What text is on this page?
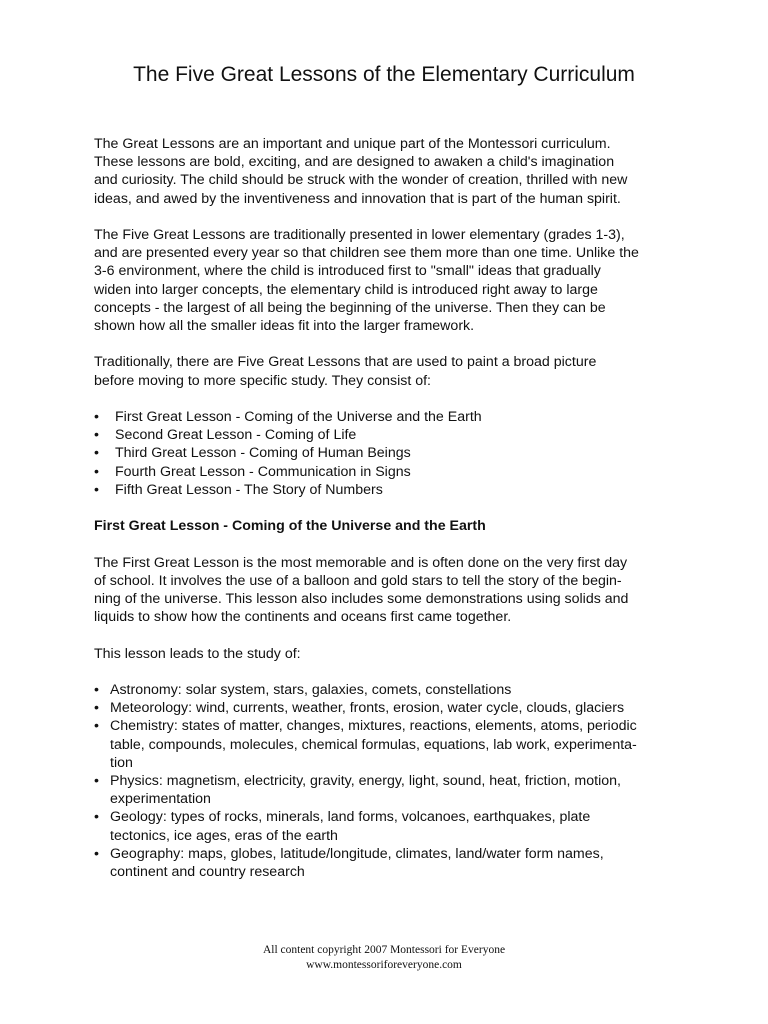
The Five Great Lessons of the Elementary Curriculum

The Great Lessons are an important and unique part of the Montessori curriculum.
These lessons are bold, exciting, and are designed to awaken a child's imagination
and curiosity. The child should be struck with the wonder of creation, thrilled with new
ideas, and awed by the inventiveness and innovation that is part of the human spirit.

The Five Great Lessons are traditionally presented in lower elementary (grades 1-3),
and are presented every year so that children see them more than one time. Unlike the
3-6 environment, where the child is introduced first to "small" ideas that gradually
widen into larger concepts, the elementary child is introduced right away to large
concepts - the largest of all being the beginning of the universe. Then they can be
shown how all the smaller ideas fit into the larger framework.

Traditionally, there are Five Great Lessons that are used to paint a broad picture
before moving to more specific study. They consist of:

• First Great Lesson - Coming of the Universe and the Earth
• Second Great Lesson - Coming of Life
• Third Great Lesson - Coming of Human Beings
• Fourth Great Lesson - Communication in Signs
• Fifth Great Lesson - The Story of Numbers

First Great Lesson - Coming of the Universe and the Earth

The First Great Lesson is the most memorable and is often done on the very first day
of school. It involves the use of a balloon and gold stars to tell the story of the begin-
ning of the universe. This lesson also includes some demonstrations using solids and
liquids to show how the continents and oceans first came together.

This lesson leads to the study of:

• Astronomy: solar system, stars, galaxies, comets, constellations
• Meteorology: wind, currents, weather, fronts, erosion, water cycle, clouds, glaciers
• Chemistry: states of matter, changes, mixtures, reactions, elements, atoms, periodic
table, compounds, molecules, chemical formulas, equations, lab work, experimenta-
tion
• Physics: magnetism, electricity, gravity, energy, light, sound, heat, friction, motion,
experimentation
• Geology: types of rocks, minerals, land forms, volcanoes, earthquakes, plate
tectonics, ice ages, eras of the earth
• Geography: maps, globes, latitude/longitude, climates, land/water form names,
continent and country research
All content copyright 2007 Montessori for Everyone
www.montessoriforeveryone.com
